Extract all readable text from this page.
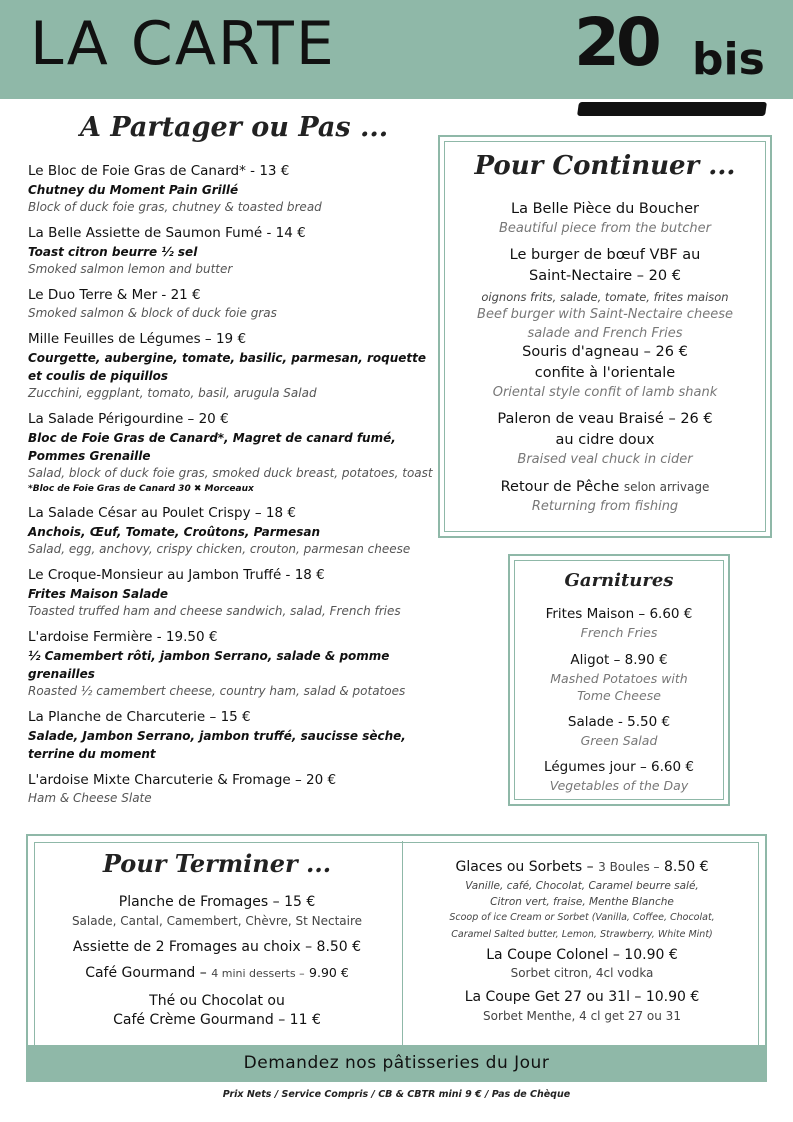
LA CARTE	20 bis
A Partager ou Pas ...
Le Bloc de Foie Gras de Canard* - 13 €
Chutney du Moment Pain Grillé
Block of duck foie gras, chutney & toasted bread
La Belle Assiette de Saumon Fumé - 14 €
Toast citron beurre ½ sel
Smoked salmon lemon and butter
Le Duo Terre & Mer - 21 €
Smoked salmon & block of duck foie gras
Mille Feuilles de Légumes – 19 €
Courgette, aubergine, tomate, basilic, parmesan, roquette et coulis de piquillos
Zucchini, eggplant, tomato, basil, arugula Salad
La Salade Périgourdine – 20 €
Bloc de Foie Gras de Canard*, Magret de canard fumé, Pommes Grenaille
Salad, block of duck foie gras, smoked duck breast, potatoes, toast
*Bloc de Foie Gras de Canard 30 ✖ Morceaux
La Salade César au Poulet Crispy – 18 €
Anchois, Œuf, Tomate, Croûtons, Parmesan
Salad, egg, anchovy, crispy chicken, crouton, parmesan cheese
Le Croque-Monsieur au Jambon Truffé - 18 €
Frites Maison Salade
Toasted truffed ham and cheese sandwich, salad, French fries
L'ardoise Fermière - 19.50 €
½ Camembert rôti, jambon Serrano, salade & pomme grenailles
Roasted ½ camembert cheese, country ham, salad & potatoes
La Planche de Charcuterie – 15 €
Salade, Jambon Serrano, jambon truffé, saucisse sèche, terrine du moment
L'ardoise Mixte Charcuterie & Fromage – 20 €
Ham & Cheese Slate
Pour Continuer ...
La Belle Pièce du Boucher
Beautiful piece from the butcher
Le burger de bœuf VBF au
Saint-Nectaire – 20 €
oignons frits, salade, tomate, frites maison
Beef burger with Saint-Nectaire cheese
salade and French Fries
Souris d'agneau – 26 €
confite à l'orientale
Oriental style confit of lamb shank
Paleron de veau Braisé – 26 €
au cidre doux
Braised veal chuck in cider
Retour de Pêche selon arrivage
Returning from fishing
Garnitures
Frites Maison – 6.60 €
French Fries
Aligot – 8.90 €
Mashed Potatoes with
Tome Cheese
Salade - 5.50 €
Green Salad
Légumes jour – 6.60 €
Vegetables of the Day
Pour Terminer ...
Planche de Fromages – 15 €
Salade, Cantal, Camembert, Chèvre, St Nectaire
Assiette de 2 Fromages au choix – 8.50 €
Café Gourmand – 4 mini desserts – 9.90 €
Thé ou Chocolat ou
Café Crème Gourmand – 11 €
Glaces ou Sorbets – 3 Boules – 8.50 €
Vanille, café, Chocolat, Caramel beurre salé,
Citron vert, fraise, Menthe Blanche
Scoop of ice Cream or Sorbet (Vanilla, Coffee, Chocolat,
Caramel Salted butter, Lemon, Strawberry, White Mint)
La Coupe Colonel – 10.90 €
Sorbet citron, 4cl vodka
La Coupe Get 27 ou 31l – 10.90 €
Sorbet Menthe, 4 cl get 27 ou 31
Demandez nos pâtisseries du Jour
Prix Nets / Service Compris / CB & CBTR mini 9 € / Pas de Chèque
